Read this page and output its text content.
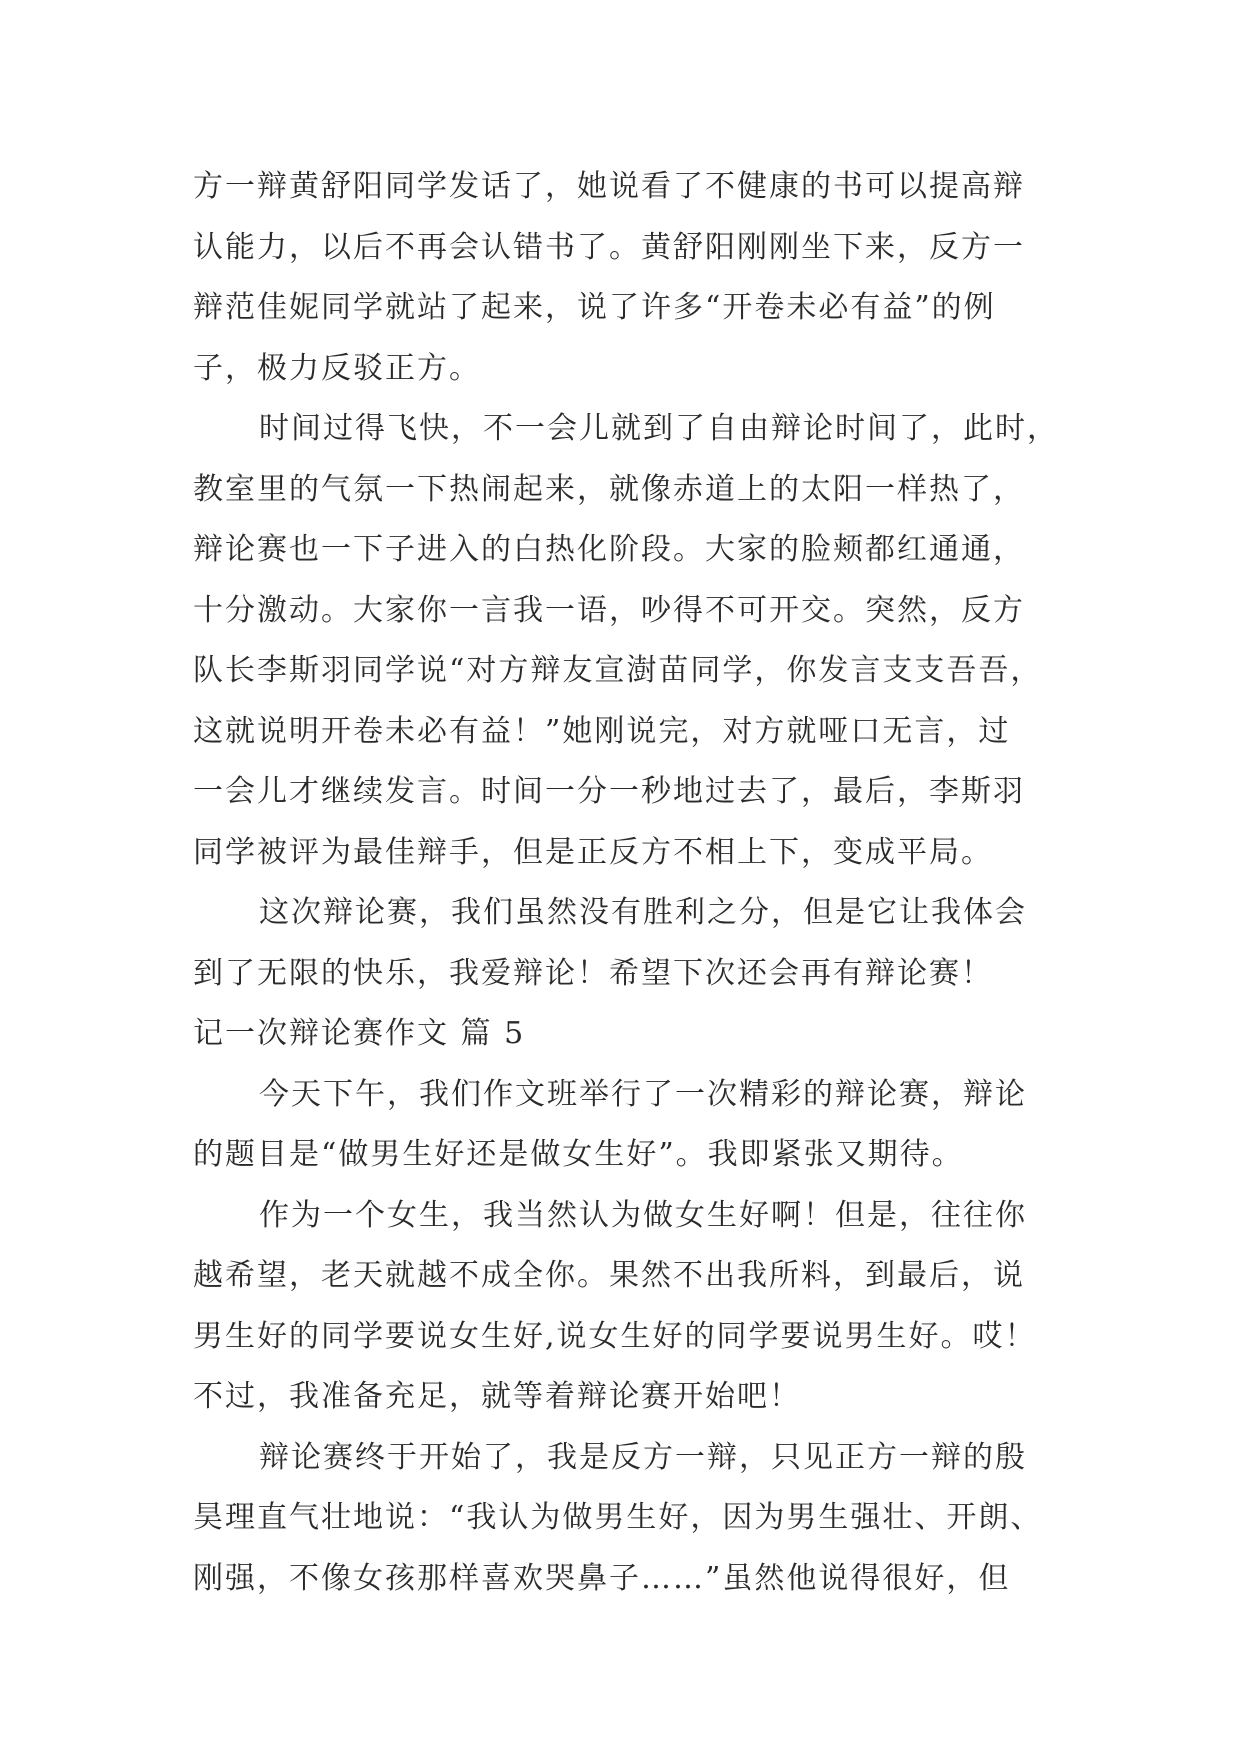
方一辩黄舒阳同学发话了，她说看了不健康的书可以提高辩
认能力，以后不再会认错书了。黄舒阳刚刚坐下来，反方一
辩范佳妮同学就站了起来，说了许多“开卷未必有益”的例
子，极力反驳正方。
时间过得飞快，不一会儿就到了自由辩论时间了，此时，
教室里的气氛一下热闹起来，就像赤道上的太阳一样热了，
辩论赛也一下子进入的白热化阶段。大家的脸颊都红通通，
十分激动。大家你一言我一语，吵得不可开交。突然，反方
队长李斯羽同学说“对方辩友宣澍苗同学，你发言支支吾吾，
这就说明开卷未必有益！”她刚说完，对方就哑口无言，过
一会儿才继续发言。时间一分一秒地过去了，最后，李斯羽
同学被评为最佳辩手，但是正反方不相上下，变成平局。
这次辩论赛，我们虽然没有胜利之分，但是它让我体会
到了无限的快乐，我爱辩论！希望下次还会再有辩论赛！
记一次辩论赛作文 篇 5
今天下午，我们作文班举行了一次精彩的辩论赛，辩论
的题目是“做男生好还是做女生好”。我即紧张又期待。
作为一个女生，我当然认为做女生好啊！但是，往往你
越希望，老天就越不成全你。果然不出我所料，到最后，说
男生好的同学要说女生好,说女生好的同学要说男生好。哎！
不过，我准备充足，就等着辩论赛开始吧！
辩论赛终于开始了，我是反方一辩，只见正方一辩的殷
昊理直气壮地说：“我认为做男生好，因为男生强壮、开朗、
刚强，不像女孩那样喜欢哭鼻子……”虽然他说得很好，但
